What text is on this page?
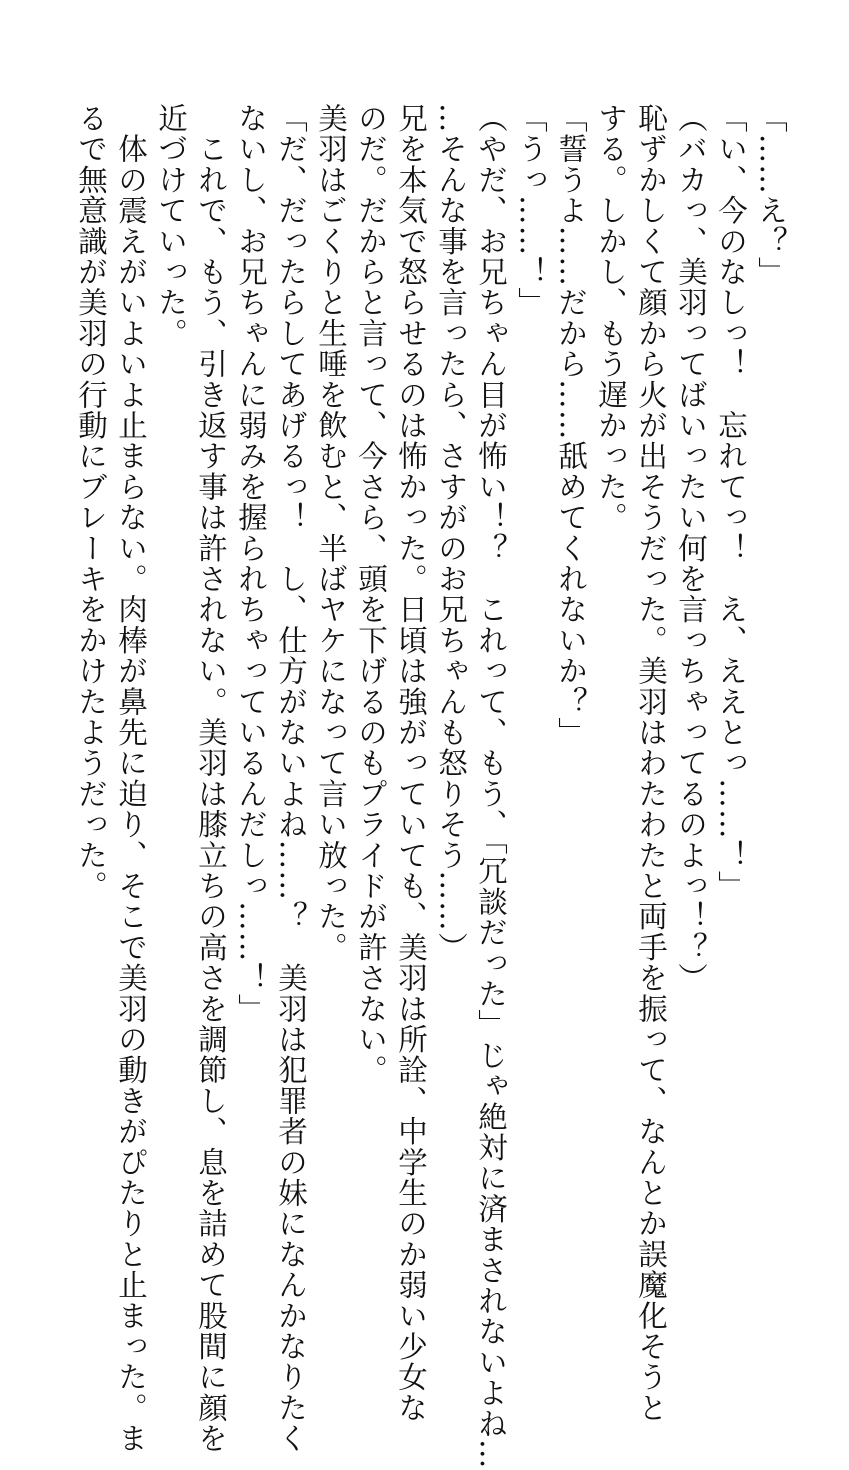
「……え？」
「い、今のなしっ！　忘れてっ！　え、ええとっ……！」
（バカっ、美羽ってばいったい何を言っちゃってるのよっ！？）
恥ずかしくて顔から火が出そうだった。美羽はわたわたと両手を振って、なんとか誤魔化そうと
する。しかし、もう遅かった。
「誓うよ……だから……舐めてくれないか？」
「うっ……！」
（やだ、お兄ちゃん目が怖い！？　これって、もう、「冗談だった」じゃ絶対に済まされないよね…
…そんな事を言ったら、さすがのお兄ちゃんも怒りそう……）
兄を本気で怒らせるのは怖かった。日頃は強がっていても、美羽は所詮、中学生のか弱い少女な
のだ。だからと言って、今さら、頭を下げるのもプライドが許さない。
美羽はごくりと生唾を飲むと、半ばヤケになって言い放った。
「だ、だったらしてあげるっ！　し、仕方がないよね……？　美羽は犯罪者の妹になんかなりたく
ないし、お兄ちゃんに弱みを握られちゃっているんだしっ……！」
　これで、もう、引き返す事は許されない。美羽は膝立ちの高さを調節し、息を詰めて股間に顔を
近づけていった。
　体の震えがいよいよ止まらない。肉棒が鼻先に迫り、そこで美羽の動きがぴたりと止まった。ま
るで無意識が美羽の行動にブレーキをかけたようだった。
